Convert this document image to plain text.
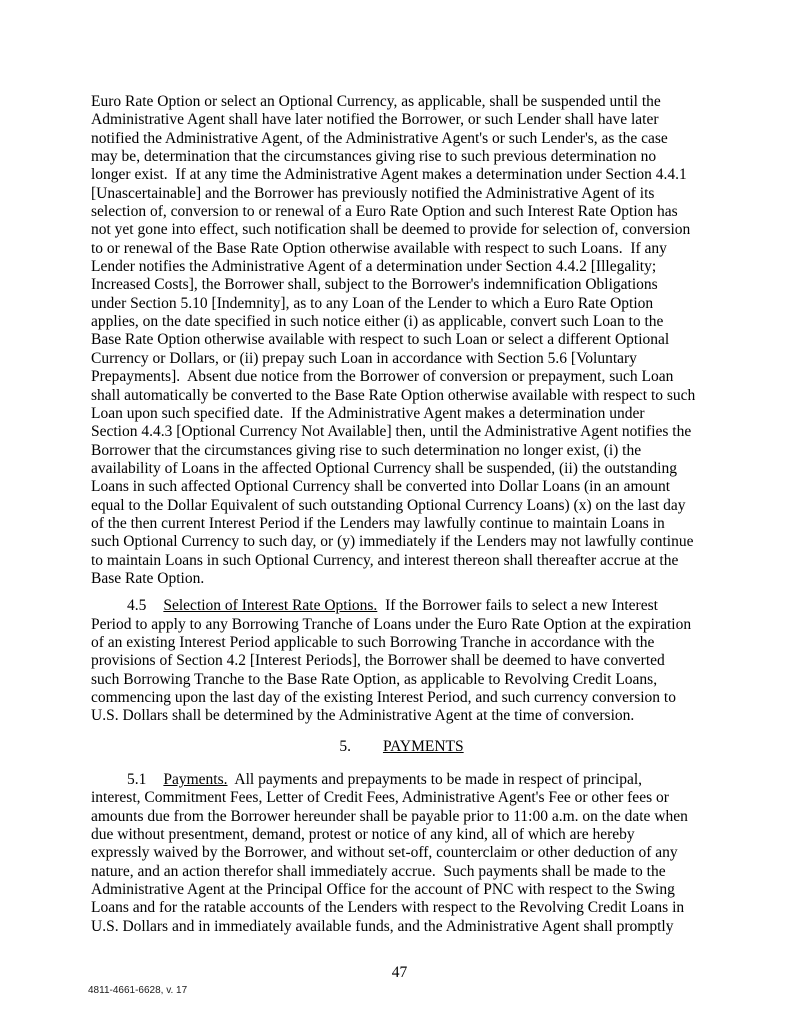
Euro Rate Option or select an Optional Currency, as applicable, shall be suspended until the
Administrative Agent shall have later notified the Borrower, or such Lender shall have later
notified the Administrative Agent, of the Administrative Agent's or such Lender's, as the case
may be, determination that the circumstances giving rise to such previous determination no
longer exist.  If at any time the Administrative Agent makes a determination under Section 4.4.1
[Unascertainable] and the Borrower has previously notified the Administrative Agent of its
selection of, conversion to or renewal of a Euro Rate Option and such Interest Rate Option has
not yet gone into effect, such notification shall be deemed to provide for selection of, conversion
to or renewal of the Base Rate Option otherwise available with respect to such Loans.  If any
Lender notifies the Administrative Agent of a determination under Section 4.4.2 [Illegality;
Increased Costs], the Borrower shall, subject to the Borrower's indemnification Obligations
under Section 5.10 [Indemnity], as to any Loan of the Lender to which a Euro Rate Option
applies, on the date specified in such notice either (i) as applicable, convert such Loan to the
Base Rate Option otherwise available with respect to such Loan or select a different Optional
Currency or Dollars, or (ii) prepay such Loan in accordance with Section 5.6 [Voluntary
Prepayments].  Absent due notice from the Borrower of conversion or prepayment, such Loan
shall automatically be converted to the Base Rate Option otherwise available with respect to such
Loan upon such specified date.  If the Administrative Agent makes a determination under
Section 4.4.3 [Optional Currency Not Available] then, until the Administrative Agent notifies the
Borrower that the circumstances giving rise to such determination no longer exist, (i) the
availability of Loans in the affected Optional Currency shall be suspended, (ii) the outstanding
Loans in such affected Optional Currency shall be converted into Dollar Loans (in an amount
equal to the Dollar Equivalent of such outstanding Optional Currency Loans) (x) on the last day
of the then current Interest Period if the Lenders may lawfully continue to maintain Loans in
such Optional Currency to such day, or (y) immediately if the Lenders may not lawfully continue
to maintain Loans in such Optional Currency, and interest thereon shall thereafter accrue at the
Base Rate Option.

4.5 Selection of Interest Rate Options.  If the Borrower fails to select a new Interest
Period to apply to any Borrowing Tranche of Loans under the Euro Rate Option at the expiration
of an existing Interest Period applicable to such Borrowing Tranche in accordance with the
provisions of Section 4.2 [Interest Periods], the Borrower shall be deemed to have converted
such Borrowing Tranche to the Base Rate Option, as applicable to Revolving Credit Loans,
commencing upon the last day of the existing Interest Period, and such currency conversion to
U.S. Dollars shall be determined by the Administrative Agent at the time of conversion.

5. PAYMENTS

5.1 Payments.  All payments and prepayments to be made in respect of principal,
interest, Commitment Fees, Letter of Credit Fees, Administrative Agent's Fee or other fees or
amounts due from the Borrower hereunder shall be payable prior to 11:00 a.m. on the date when
due without presentment, demand, protest or notice of any kind, all of which are hereby
expressly waived by the Borrower, and without set-off, counterclaim or other deduction of any
nature, and an action therefor shall immediately accrue.  Such payments shall be made to the
Administrative Agent at the Principal Office for the account of PNC with respect to the Swing
Loans and for the ratable accounts of the Lenders with respect to the Revolving Credit Loans in
U.S. Dollars and in immediately available funds, and the Administrative Agent shall promptly

47
4811-4661-6628, v. 17
